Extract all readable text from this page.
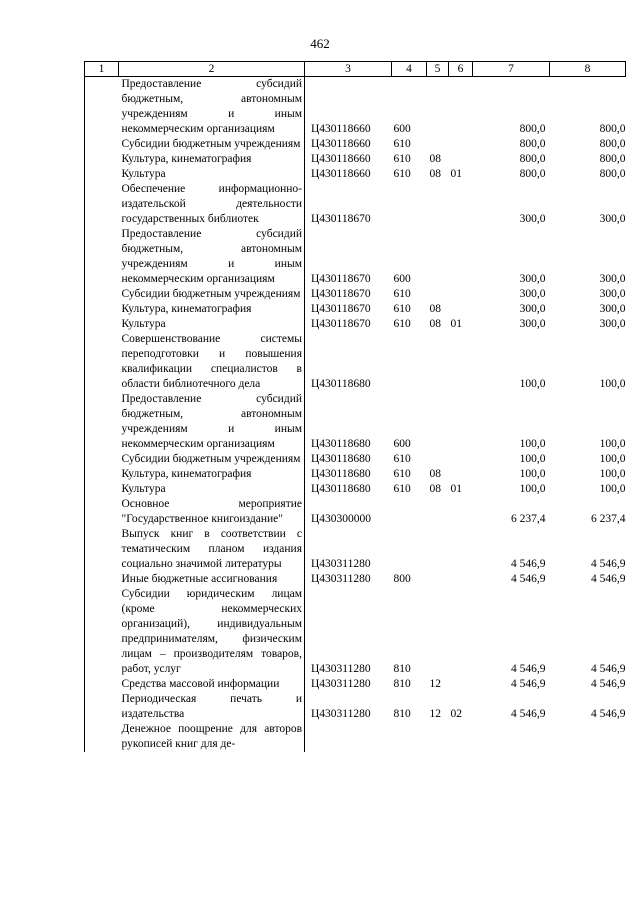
462
1	2	3	4	5	6	7	8
	Предоставление субсидий бюджетным, автономным учреждениям и иным некоммерческим организациям	Ц430118660	600			800,0	800,0
	Субсидии бюджетным учреждениям	Ц430118660	610			800,0	800,0
	Культура, кинематография	Ц430118660	610	08		800,0	800,0
	Культура	Ц430118660	610	08	01	800,0	800,0
	Обеспечение информационно-издательской деятельности государственных библиотек	Ц430118670				300,0	300,0
	Предоставление субсидий бюджетным, автономным учреждениям и иным некоммерческим организациям	Ц430118670	600			300,0	300,0
	Субсидии бюджетным учреждениям	Ц430118670	610			300,0	300,0
	Культура, кинематография	Ц430118670	610	08		300,0	300,0
	Культура	Ц430118670	610	08	01	300,0	300,0
	Совершенствование системы переподготовки и повышения квалификации специалистов в области библиотечного дела	Ц430118680				100,0	100,0
	Предоставление субсидий бюджетным, автономным учреждениям и иным некоммерческим организациям	Ц430118680	600			100,0	100,0
	Субсидии бюджетным учреждениям	Ц430118680	610			100,0	100,0
	Культура, кинематография	Ц430118680	610	08		100,0	100,0
	Культура	Ц430118680	610	08	01	100,0	100,0
	Основное мероприятие "Государственное книгоиздание"	Ц430300000				6 237,4	6 237,4
	Выпуск книг в соответствии с тематическим планом издания социально значимой литературы	Ц430311280				4 546,9	4 546,9
	Иные бюджетные ассигнования	Ц430311280	800			4 546,9	4 546,9
	Субсидии юридическим лицам (кроме некоммерческих организаций), индивидуальным предпринимателям, физическим лицам – производителям товаров, работ, услуг	Ц430311280	810			4 546,9	4 546,9
	Средства массовой информации	Ц430311280	810	12		4 546,9	4 546,9
	Периодическая печать и издательства	Ц430311280	810	12	02	4 546,9	4 546,9
	Денежное поощрение для авторов рукописей книг для де-						
